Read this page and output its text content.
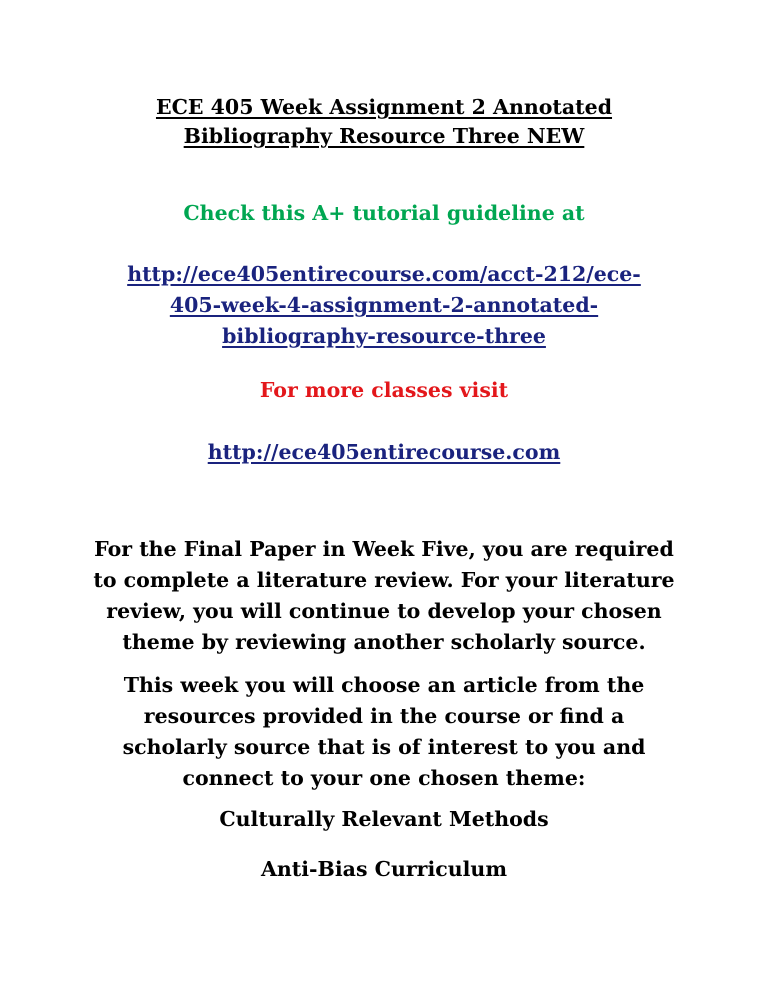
ECE 405 Week Assignment 2 Annotated
Bibliography Resource Three NEW
Check this A+ tutorial guideline at
http://ece405entirecourse.com/acct-212/ece-
405-week-4-assignment-2-annotated-
bibliography-resource-three
For more classes visit
http://ece405entirecourse.com
For the Final Paper in Week Five, you are required
to complete a literature review. For your literature
review, you will continue to develop your chosen
theme by reviewing another scholarly source.
This week you will choose an article from the
resources provided in the course or find a
scholarly source that is of interest to you and
connect to your one chosen theme:
Culturally Relevant Methods
Anti-Bias Curriculum
